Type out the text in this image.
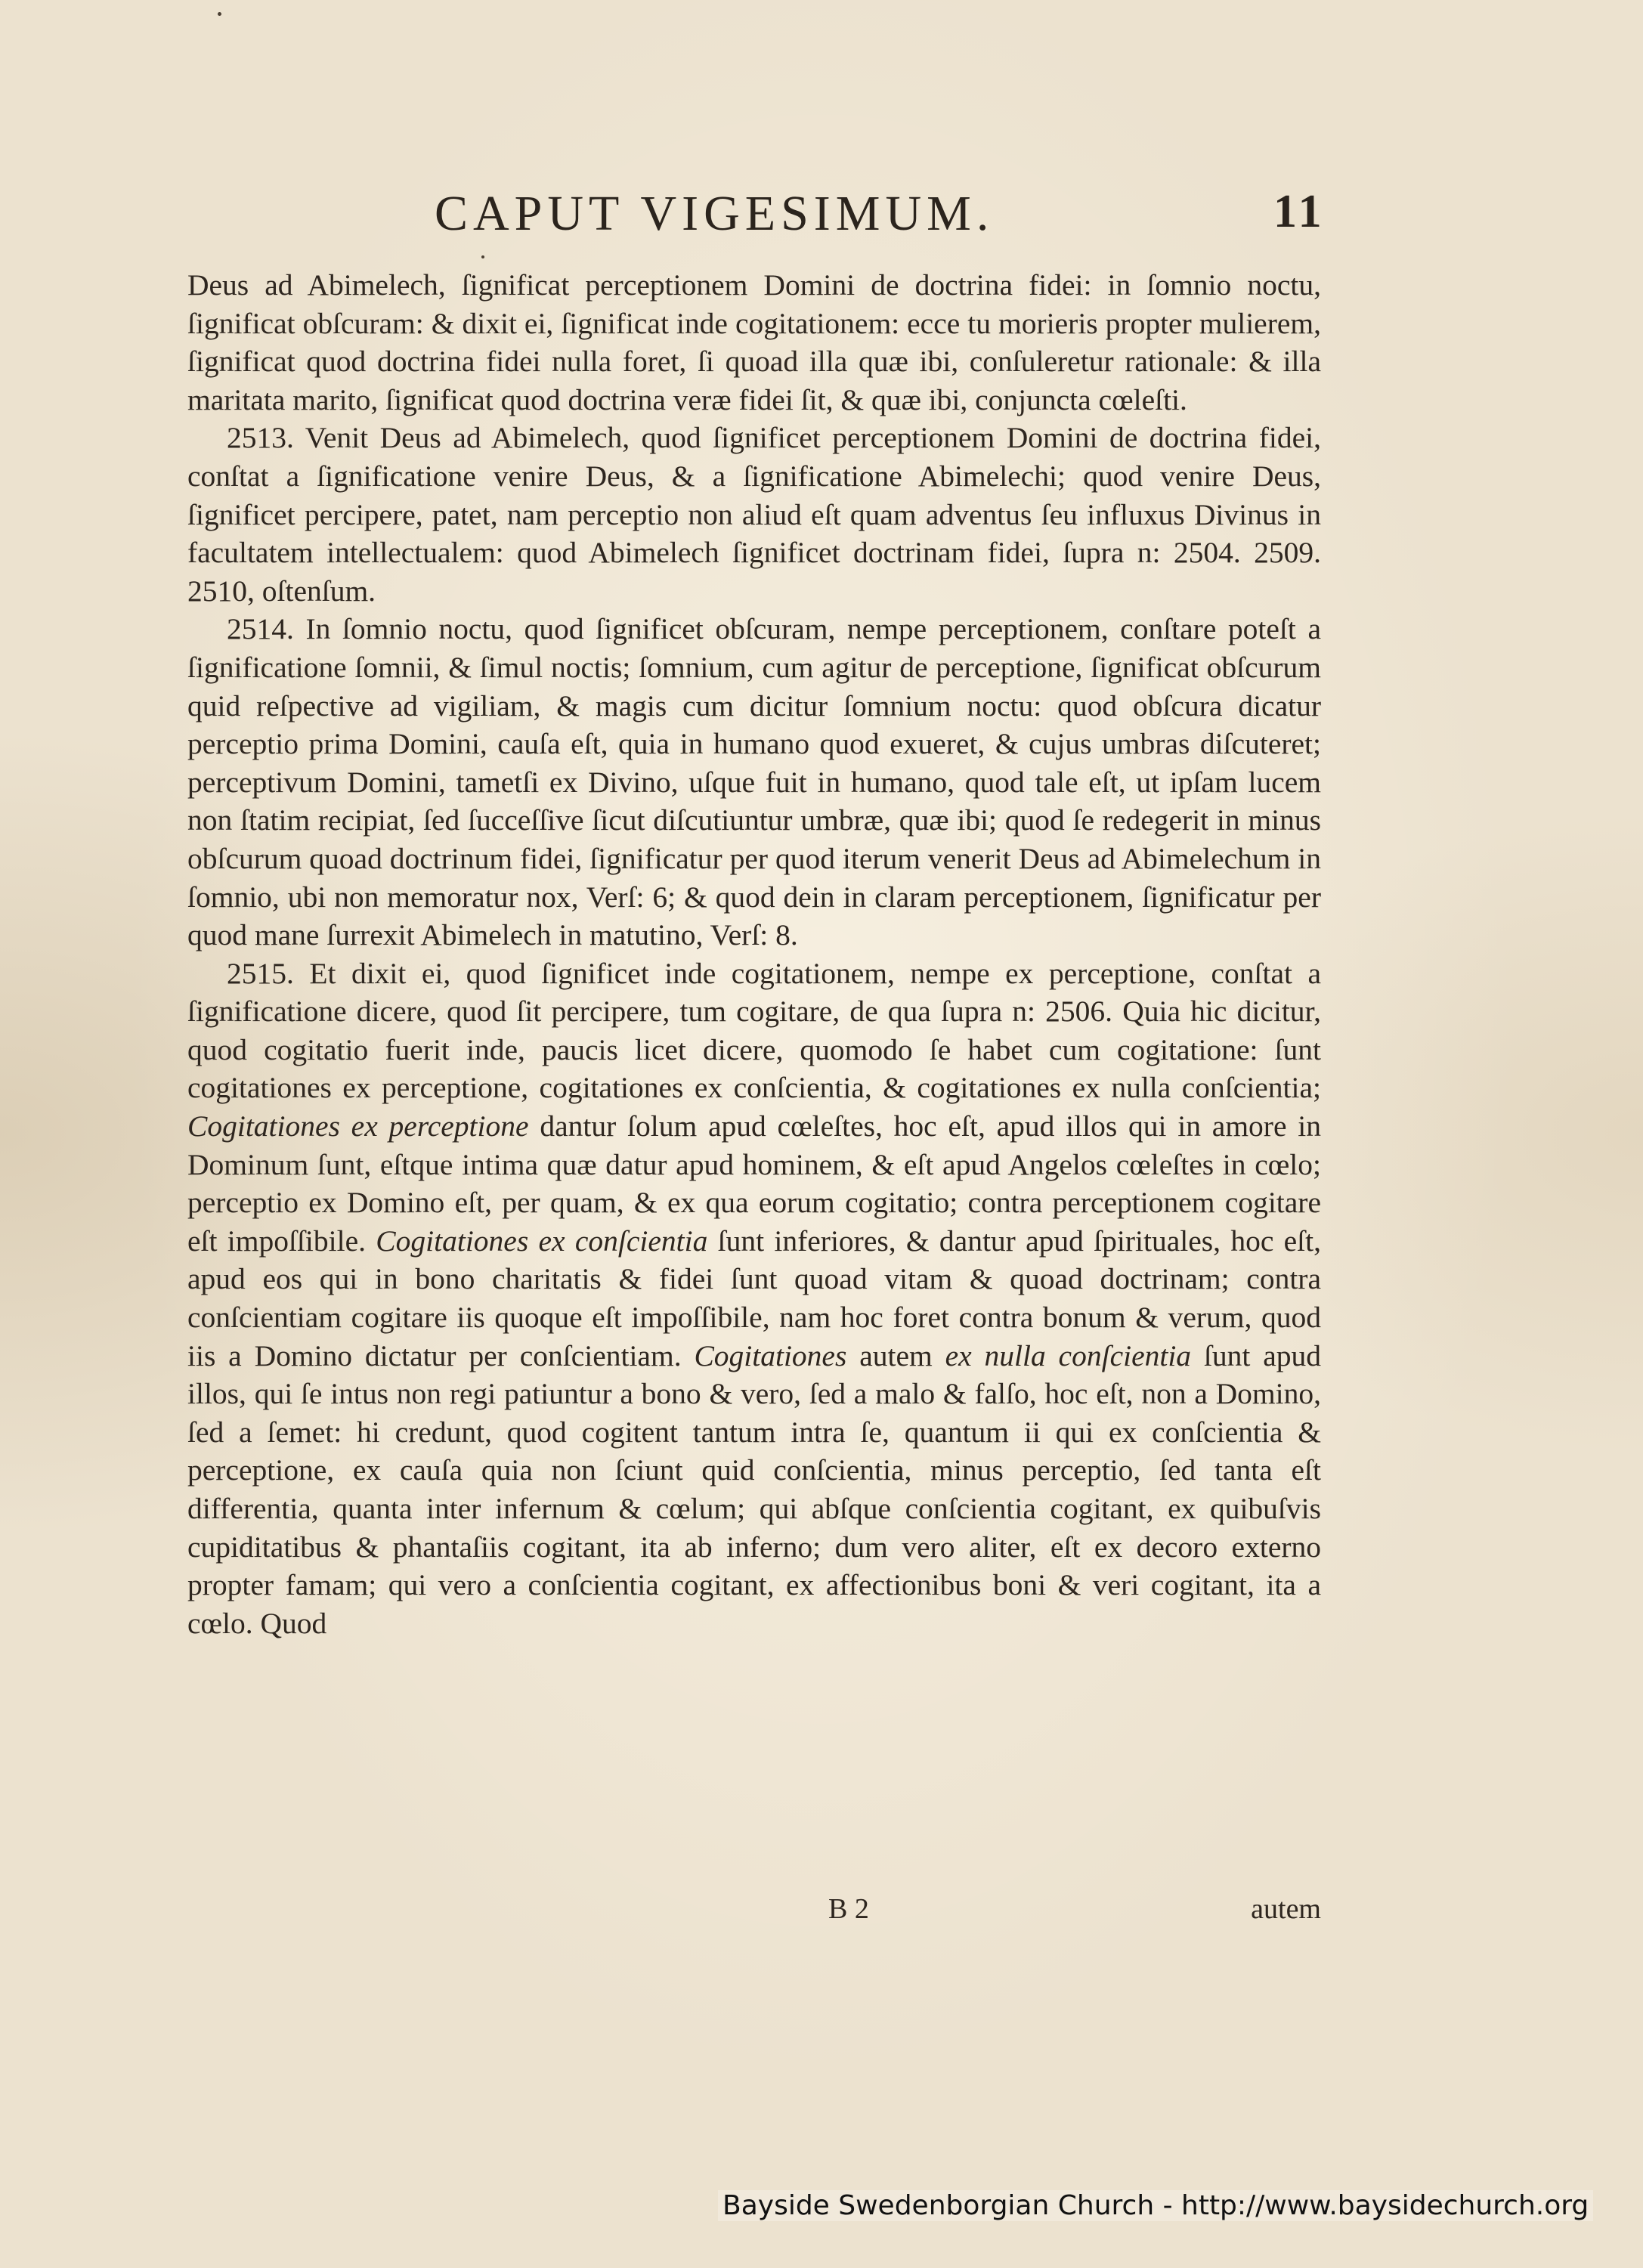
CAPUT VIGESIMUM.	11

Deus ad Abimelech, ſignificat perceptionem Domini de doctrina fidei: in ſomnio noctu, ſignificat obſcuram: & dixit ei, ſignificat inde cogitationem: ecce tu morieris propter mulierem, ſignificat quod doctrina fidei nulla foret, ſi quoad illa quæ ibi, conſuleretur rationale: & illa maritata marito, ſignificat quod doctrina veræ fidei ſit, & quæ ibi, conjuncta cœleſti.

2513. Venit Deus ad Abimelech, quod ſignificet perceptionem Domini de doctrina fidei, conſtat a ſignificatione venire Deus, & a ſignificatione Abimelechi; quod venire Deus, ſignificet percipere, patet, nam perceptio non aliud eſt quam adventus ſeu influxus Divinus in facultatem intellectualem: quod Abimelech ſignificet doctrinam fidei, ſupra n: 2504. 2509. 2510, oſtenſum.

2514. In ſomnio noctu, quod ſignificet obſcuram, nempe perceptionem, conſtare poteſt a ſignificatione ſomnii, & ſimul noctis; ſomnium, cum agitur de perceptione, ſignificat obſcurum quid reſpective ad vigiliam, & magis cum dicitur ſomnium noctu: quod obſcura dicatur perceptio prima Domini, cauſa eſt, quia in humano quod exueret, & cujus umbras diſcuteret; perceptivum Domini, tametſi ex Divino, uſque fuit in humano, quod tale eſt, ut ipſam lucem non ſtatim recipiat, ſed ſucceſſive ſicut diſcutiuntur umbræ, quæ ibi; quod ſe redegerit in minus obſcurum quoad doctrinum fidei, ſignificatur per quod iterum venerit Deus ad Abimelechum in ſomnio, ubi non memoratur nox, Verſ: 6; & quod dein in claram perceptionem, ſignificatur per quod mane ſurrexit Abimelech in matutino, Verſ: 8.

2515. Et dixit ei, quod ſignificet inde cogitationem, nempe ex perceptione, conſtat a ſignificatione dicere, quod ſit percipere, tum cogitare, de qua ſupra n: 2506. Quia hic dicitur, quod cogitatio fuerit inde, paucis licet dicere, quomodo ſe habet cum cogitatione: ſunt cogitationes ex perceptione, cogitationes ex conſcientia, & cogitationes ex nulla conſcientia; Cogitationes ex perceptione dantur ſolum apud cœleſtes, hoc eſt, apud illos qui in amore in Dominum ſunt, eſtque intima quæ datur apud hominem, & eſt apud Angelos cœleſtes in cœlo; perceptio ex Domino eſt, per quam, & ex qua eorum cogitatio; contra perceptionem cogitare eſt impoſſibile. Cogitationes ex conſcientia ſunt inferiores, & dantur apud ſpirituales, hoc eſt, apud eos qui in bono charitatis & fidei ſunt quoad vitam & quoad doctrinam; contra conſcientiam cogitare iis quoque eſt impoſſibile, nam hoc foret contra bonum & verum, quod iis a Domino dictatur per conſcientiam. Cogitationes autem ex nulla conſcientia ſunt apud illos, qui ſe intus non regi patiuntur a bono & vero, ſed a malo & falſo, hoc eſt, non a Domino, ſed a ſemet: hi credunt, quod cogitent tantum intra ſe, quantum ii qui ex conſcientia & perceptione, ex cauſa quia non ſciunt quid conſcientia, minus perceptio, ſed tanta eſt differentia, quanta inter infernum & cœlum; qui abſque conſcientia cogitant, ex quibuſvis cupiditatibus & phantaſiis cogitant, ita ab inferno; dum vero aliter, eſt ex decoro externo propter famam; qui vero a conſcientia cogitant, ex affectionibus boni & veri cogitant, ita a cœlo. Quod

B 2	autem
Bayside Swedenborgian Church - http://www.baysidechurch.org
